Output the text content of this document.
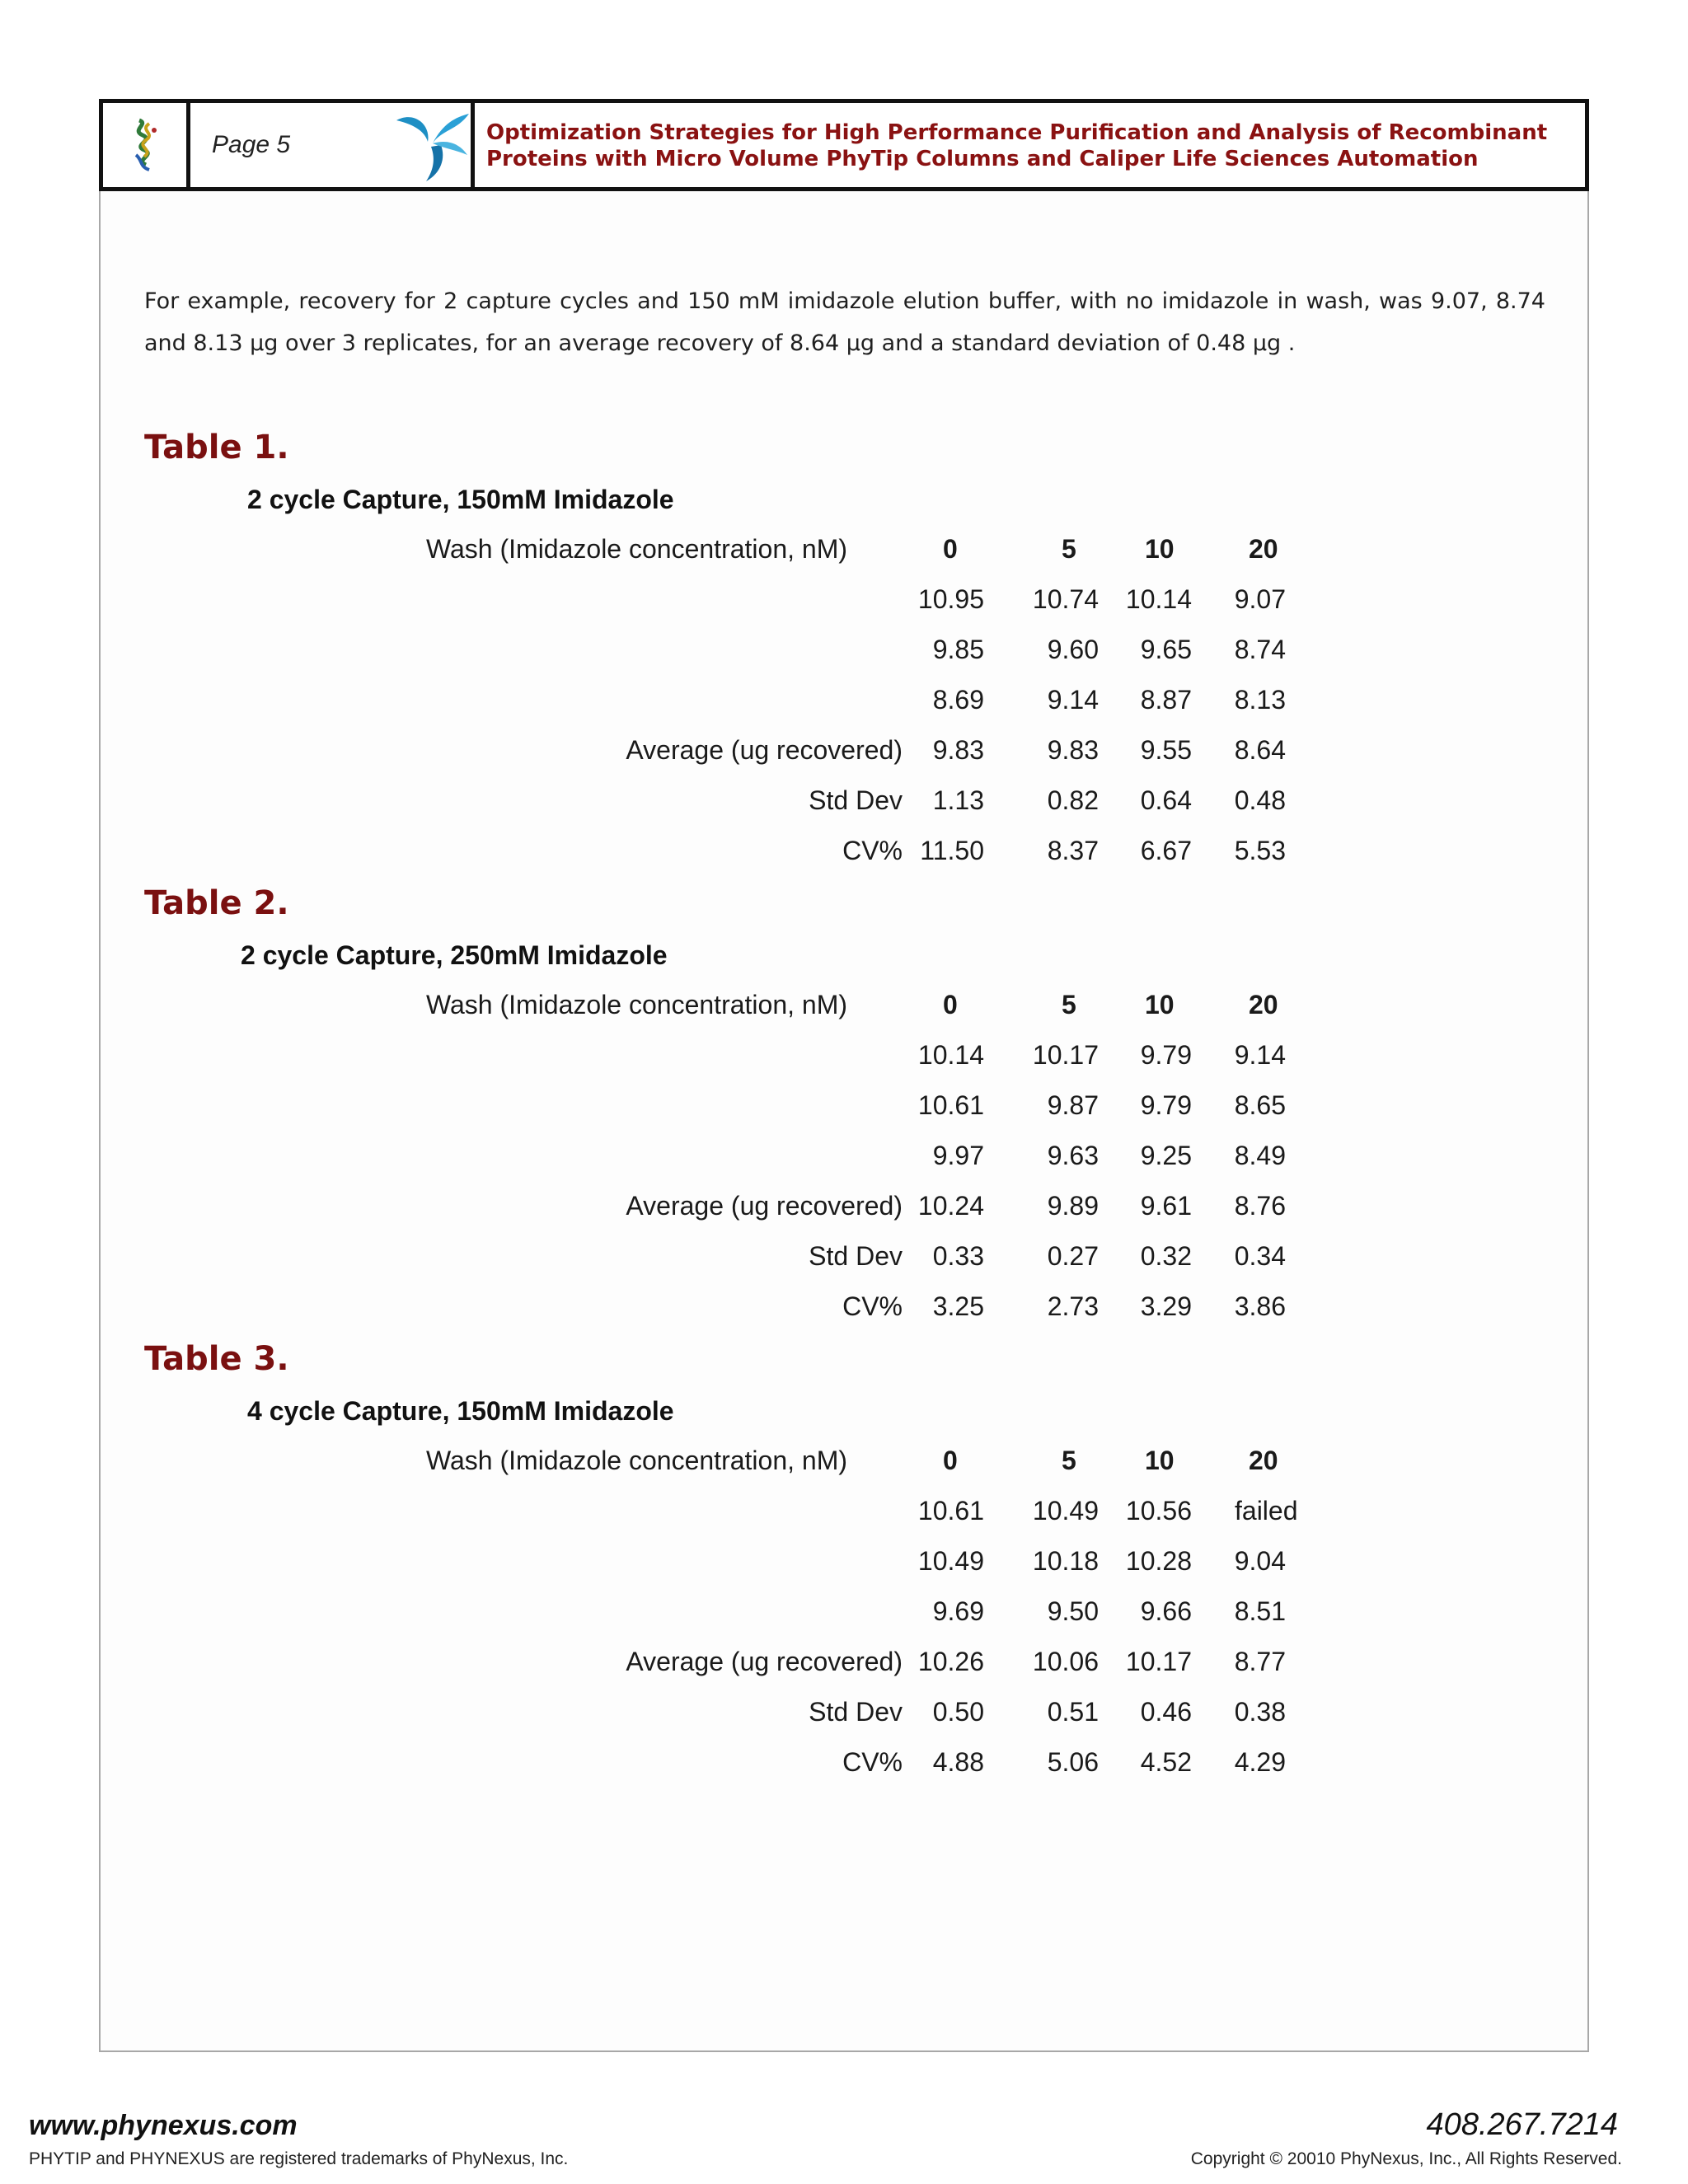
Page 5	Optimization Strategies for High Performance Purification and Analysis of Recombinant
Proteins with Micro Volume PhyTip Columns and Caliper Life Sciences Automation
For example, recovery for 2 capture cycles and 150 mM imidazole elution buffer, with no imidazole in wash, was 9.07, 8.74
and 8.13 µg over 3 replicates, for an average recovery of 8.64 µg and a standard deviation of 0.48 µg .
Table 1.
2 cycle Capture, 150mM Imidazole
Wash (Imidazole concentration, nM)	0	5	10	20
10.95 10.74 10.14 9.07
9.85 9.60 9.65 8.74
8.69 9.14 8.87 8.13
Average (ug recovered) 9.83 9.83 9.55 8.64
Std Dev 1.13 0.82 0.64 0.48
CV% 11.50 8.37 6.67 5.53
Table 2.
2 cycle Capture, 250mM Imidazole
Wash (Imidazole concentration, nM)	0	5	10	20
10.14 10.17 9.79 9.14
10.61 9.87 9.79 8.65
9.97 9.63 9.25 8.49
Average (ug recovered) 10.24 9.89 9.61 8.76
Std Dev 0.33 0.27 0.32 0.34
CV% 3.25 2.73 3.29 3.86
Table 3.
4 cycle Capture, 150mM Imidazole
Wash (Imidazole concentration, nM)	0	5	10	20
10.61 10.49 10.56 failed
10.49 10.18 10.28 9.04
9.69 9.50 9.66 8.51
Average (ug recovered) 10.26 10.06 10.17 8.77
Std Dev 0.50 0.51 0.46 0.38
CV% 4.88 5.06 4.52 4.29
www.phynexus.com	408.267.7214
PHYTIP and PHYNEXUS are registered trademarks of PhyNexus, Inc.	Copyright © 20010 PhyNexus, Inc., All Rights Reserved.
